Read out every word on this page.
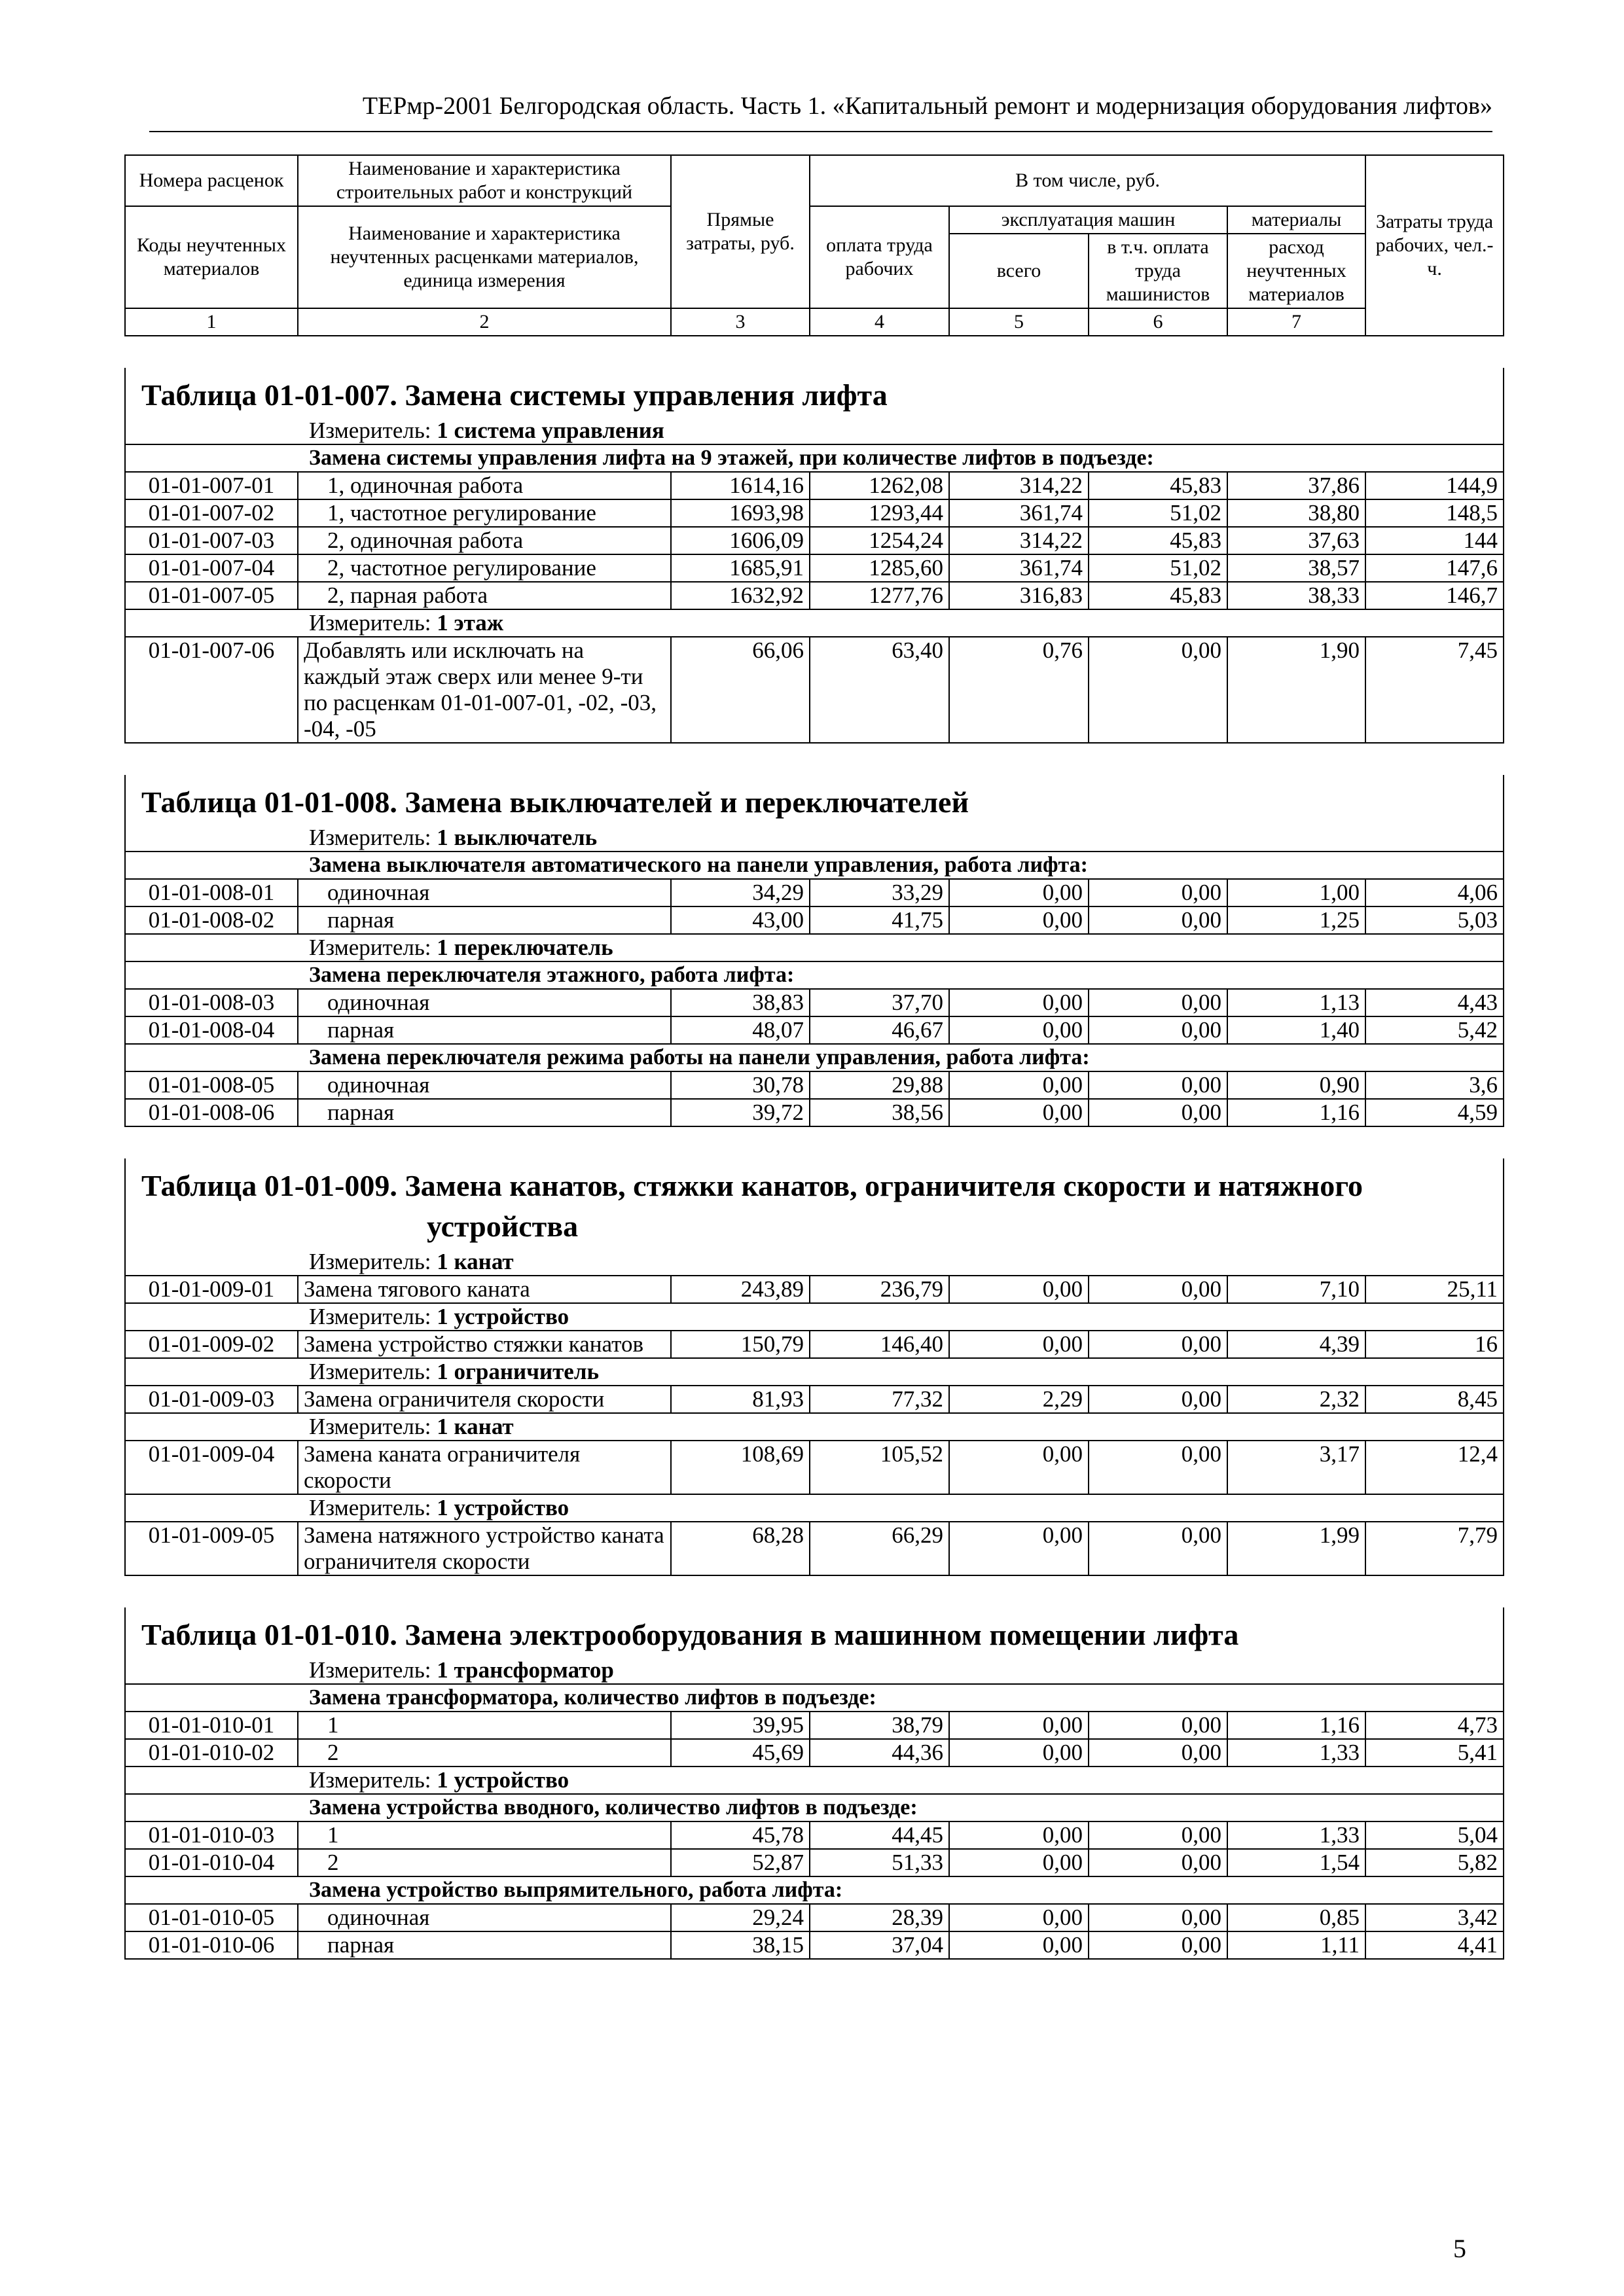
ТЕРмр-2001 Белгородская область. Часть 1. «Капитальный ремонт и модернизация оборудования лифтов»
Номера расценок	Наименование и характеристика строительных работ и конструкций	Прямые затраты, руб.	В том числе, руб.				Затраты труда рабочих, чел.-ч.
Коды неучтенных материалов	Наименование и характеристика неучтенных расценками материалов, единица измерения		оплата труда рабочих	эксплуатация машин		материалы	
				всего	в т.ч. оплата труда машинистов	расход неучтенных материалов	
1	2	3	4	5	6	7	

Таблица 01-01-007. Замена системы управления лифта							
Измеритель: 1 система управления							
Замена системы управления лифта на 9 этажей, при количестве лифтов в подъезде:							
01-01-007-01	1, одиночная работа	1614,16	1262,08	314,22	45,83	37,86	144,9
01-01-007-02	1, частотное регулирование	1693,98	1293,44	361,74	51,02	38,80	148,5
01-01-007-03	2, одиночная работа	1606,09	1254,24	314,22	45,83	37,63	144
01-01-007-04	2, частотное регулирование	1685,91	1285,60	361,74	51,02	38,57	147,6
01-01-007-05	2, парная работа	1632,92	1277,76	316,83	45,83	38,33	146,7
Измеритель: 1 этаж							
01-01-007-06	Добавлять или исключать на каждый этаж сверх или менее 9-ти по расценкам 01-01-007-01, -02, -03, -04, -05	66,06	63,40	0,76	0,00	1,90	7,45

Таблица 01-01-008. Замена выключателей и переключателей							
Измеритель: 1 выключатель							
Замена выключателя автоматического на панели управления, работа лифта:							
01-01-008-01	одиночная	34,29	33,29	0,00	0,00	1,00	4,06
01-01-008-02	парная	43,00	41,75	0,00	0,00	1,25	5,03
Измеритель: 1 переключатель							
Замена переключателя этажного, работа лифта:							
01-01-008-03	одиночная	38,83	37,70	0,00	0,00	1,13	4,43
01-01-008-04	парная	48,07	46,67	0,00	0,00	1,40	5,42
Замена переключателя режима работы на панели управления, работа лифта:							
01-01-008-05	одиночная	30,78	29,88	0,00	0,00	0,90	3,6
01-01-008-06	парная	39,72	38,56	0,00	0,00	1,16	4,59

Таблица 01-01-009. Замена канатов, стяжки канатов, ограничителя скорости и натяжного							
устройства							
Измеритель: 1 канат							
01-01-009-01	Замена тягового каната	243,89	236,79	0,00	0,00	7,10	25,11
Измеритель: 1 устройство							
01-01-009-02	Замена устройство стяжки канатов	150,79	146,40	0,00	0,00	4,39	16
Измеритель: 1 ограничитель							
01-01-009-03	Замена ограничителя скорости	81,93	77,32	2,29	0,00	2,32	8,45
Измеритель: 1 канат							
01-01-009-04	Замена каната ограничителя скорости	108,69	105,52	0,00	0,00	3,17	12,4
Измеритель: 1 устройство							
01-01-009-05	Замена натяжного устройство каната ограничителя скорости	68,28	66,29	0,00	0,00	1,99	7,79

Таблица 01-01-010. Замена электрооборудования в машинном помещении лифта							
Измеритель: 1 трансформатор							
Замена трансформатора, количество лифтов в подъезде:							
01-01-010-01	1	39,95	38,79	0,00	0,00	1,16	4,73
01-01-010-02	2	45,69	44,36	0,00	0,00	1,33	5,41
Измеритель: 1 устройство							
Замена устройства вводного, количество лифтов в подъезде:							
01-01-010-03	1	45,78	44,45	0,00	0,00	1,33	5,04
01-01-010-04	2	52,87	51,33	0,00	0,00	1,54	5,82
Замена устройство выпрямительного, работа лифта:							
01-01-010-05	одиночная	29,24	28,39	0,00	0,00	0,85	3,42
01-01-010-06	парная	38,15	37,04	0,00	0,00	1,11	4,41
5
